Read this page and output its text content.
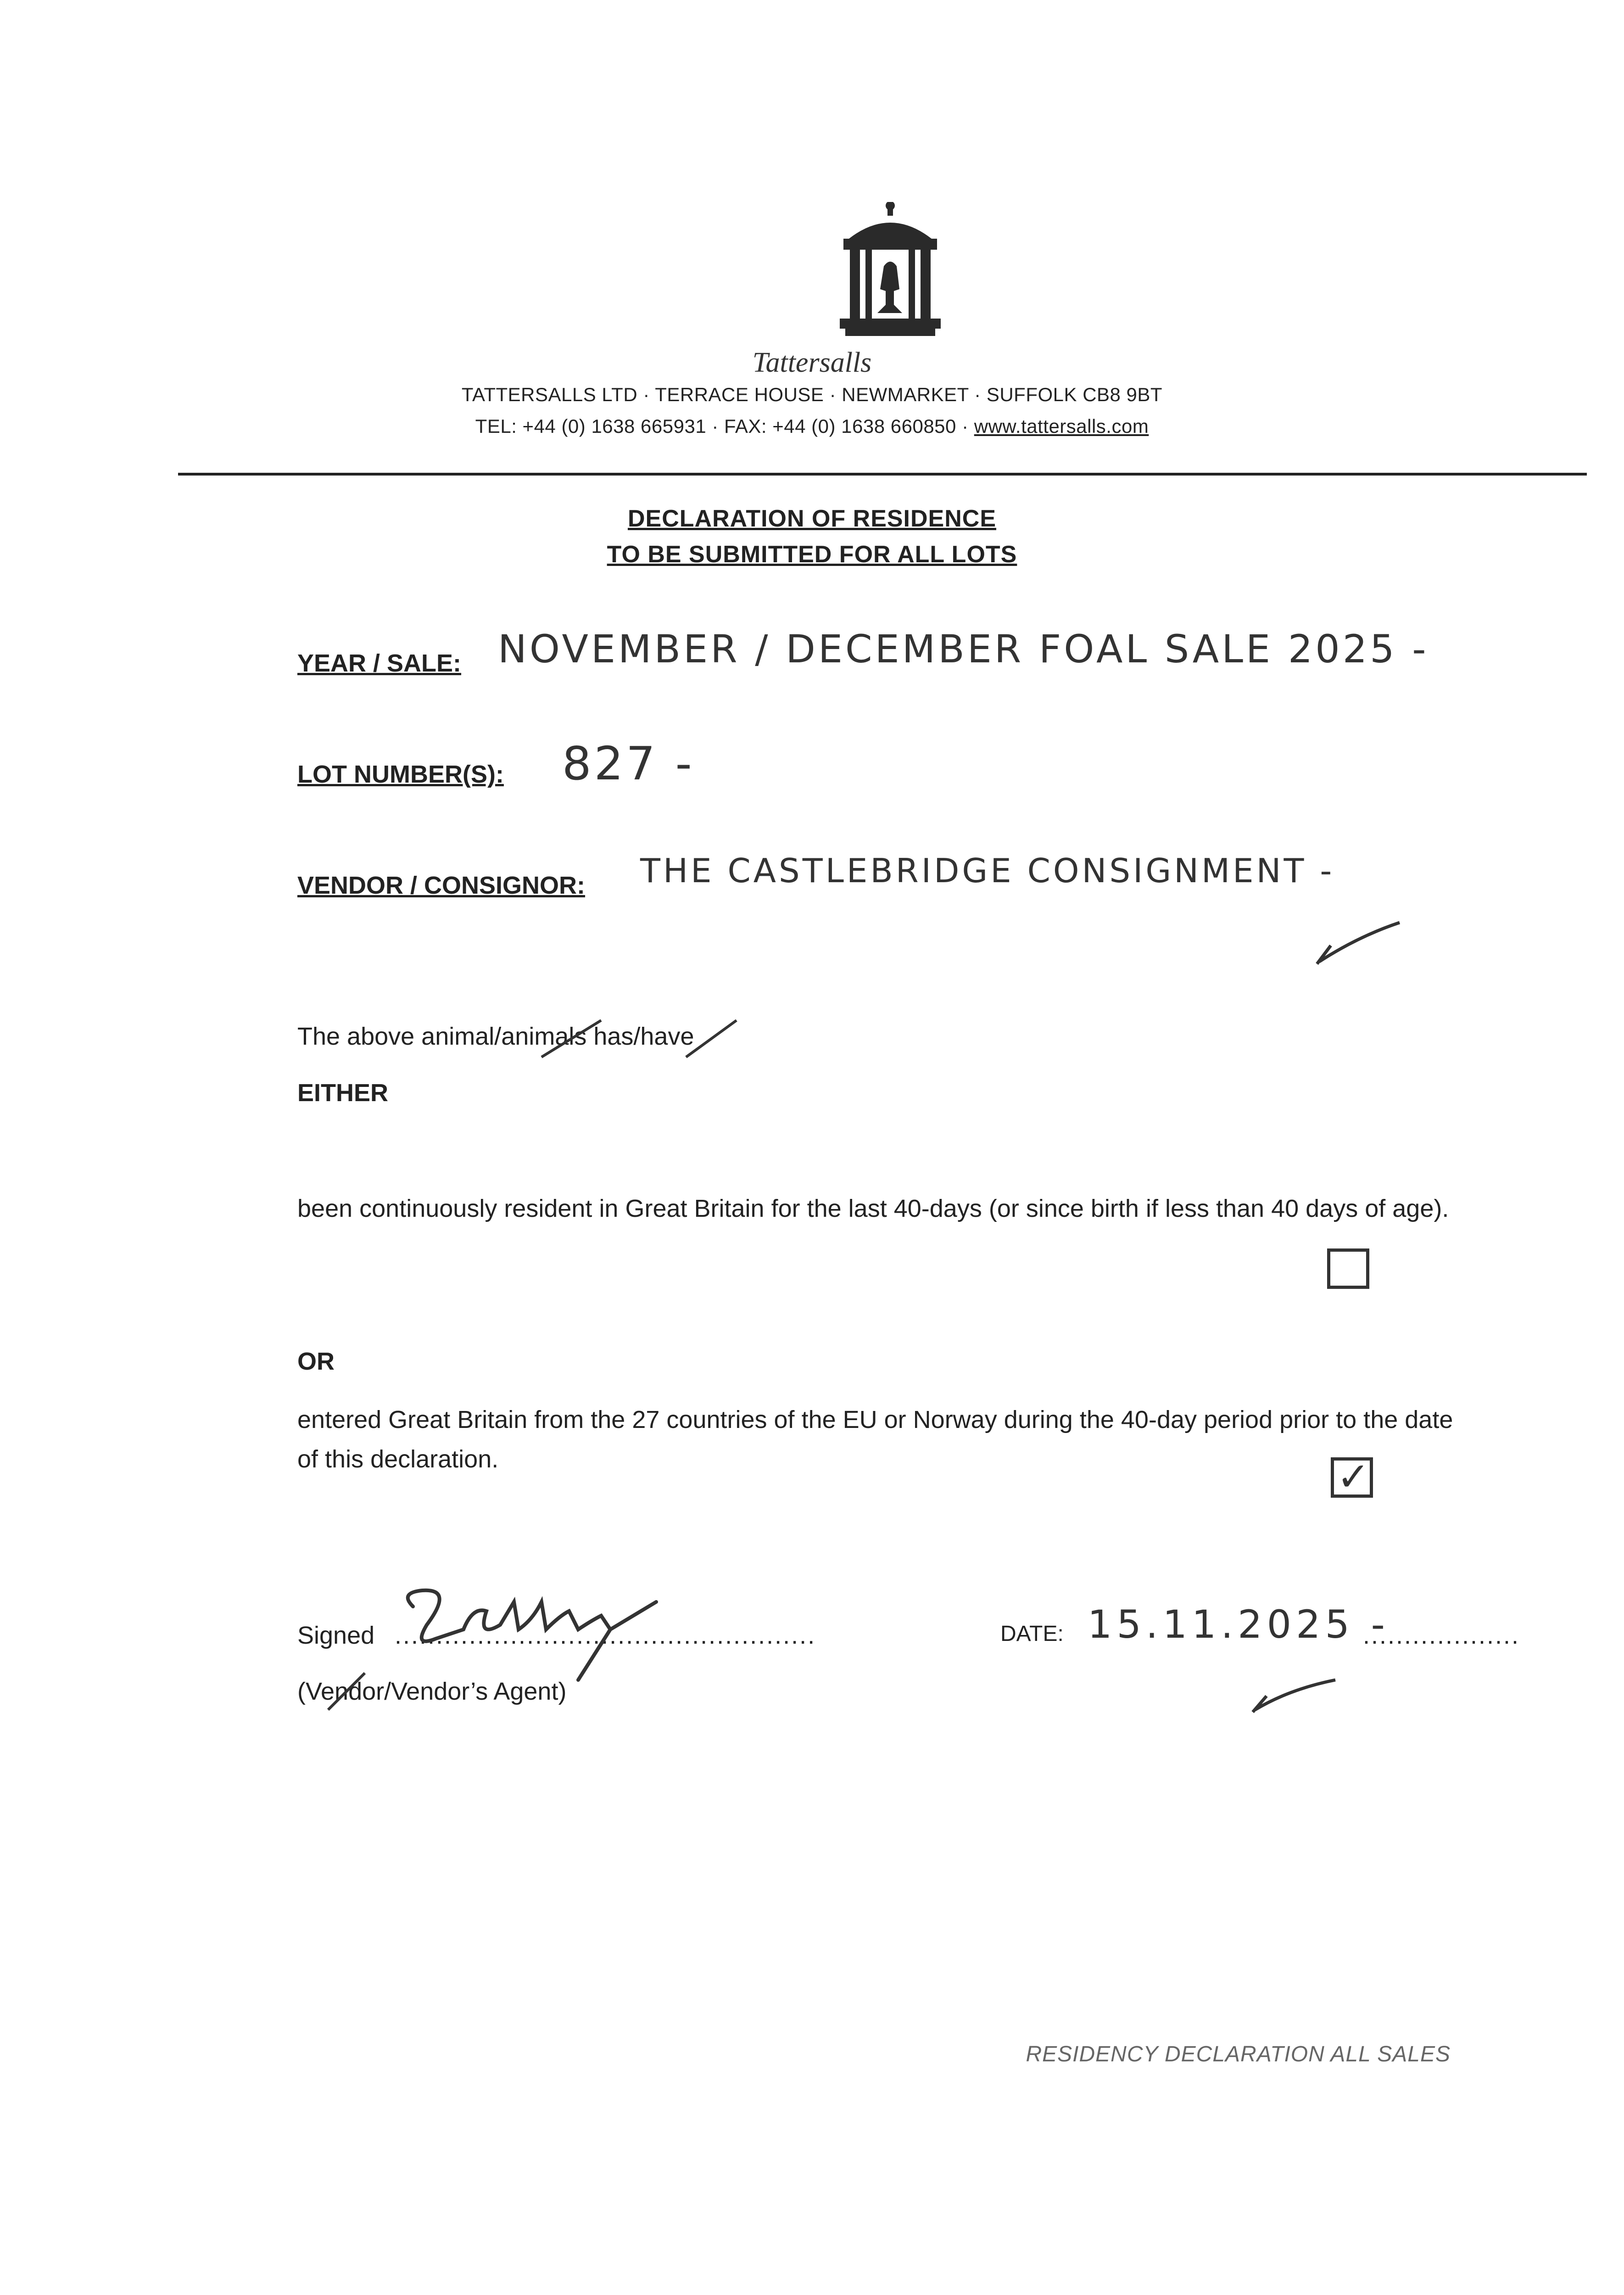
Tattersalls

TATTERSALLS LTD · TERRACE HOUSE · NEWMARKET · SUFFOLK CB8 9BT

TEL: +44 (0) 1638 665931 · FAX: +44 (0) 1638 660850 · www.tattersalls.com

DECLARATION OF RESIDENCE

TO BE SUBMITTED FOR ALL LOTS

YEAR / SALE: NOVEMBER / DECEMBER FOAL SALE 2025 -

LOT NUMBER(S): 827 -

VENDOR / CONSIGNOR: THE CASTLEBRIDGE CONSIGNMENT -

The above animal/animals has/have

EITHER

been continuously resident in Great Britain for the last 40-days (or since birth if less than 40 days of age).

OR

entered Great Britain from the 27 countries of the EU or Norway during the 40-day period prior to the date of this declaration.	✓

Signed ...................................................

(Vendor/Vendor’s Agent)

DATE: 15.11.2025 -

...................

RESIDENCY DECLARATION ALL SALES
